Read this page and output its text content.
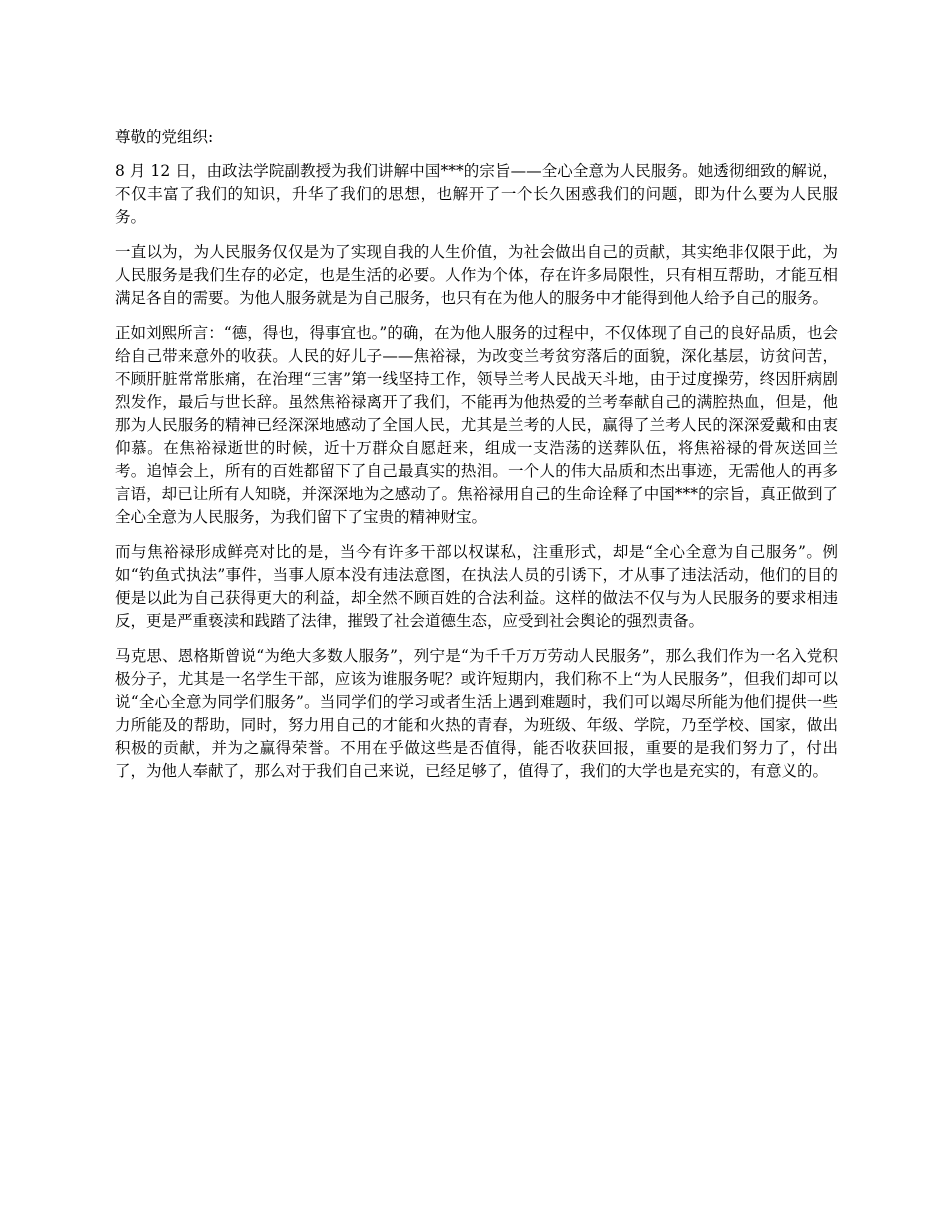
尊敬的党组织:

8 月 12 日，由政法学院副教授为我们讲解中国***的宗旨——全心全意为人民服务。她透彻细致的解说，不仅丰富了我们的知识，升华了我们的思想，也解开了一个长久困惑我们的问题，即为什么要为人民服务。

一直以为，为人民服务仅仅是为了实现自我的人生价值，为社会做出自己的贡献，其实绝非仅限于此，为人民服务是我们生存的必定，也是生活的必要。人作为个体，存在许多局限性，只有相互帮助，才能互相满足各自的需要。为他人服务就是为自己服务，也只有在为他人的服务中才能得到他人给予自己的服务。

正如刘熙所言：“德，得也，得事宜也。”的确，在为他人服务的过程中，不仅体现了自己的良好品质，也会给自己带来意外的收获。人民的好儿子——焦裕禄，为改变兰考贫穷落后的面貌，深化基层，访贫问苦，不顾肝脏常常胀痛，在治理“三害”第一线坚持工作，领导兰考人民战天斗地，由于过度操劳，终因肝病剧烈发作，最后与世长辞。虽然焦裕禄离开了我们，不能再为他热爱的兰考奉献自己的满腔热血，但是，他那为人民服务的精神已经深深地感动了全国人民，尤其是兰考的人民，赢得了兰考人民的深深爱戴和由衷仰慕。在焦裕禄逝世的时候，近十万群众自愿赶来，组成一支浩荡的送葬队伍，将焦裕禄的骨灰送回兰考。追悼会上，所有的百姓都留下了自己最真实的热泪。一个人的伟大品质和杰出事迹，无需他人的再多言语，却已让所有人知晓，并深深地为之感动了。焦裕禄用自己的生命诠释了中国***的宗旨，真正做到了全心全意为人民服务，为我们留下了宝贵的精神财宝。

而与焦裕禄形成鲜亮对比的是，当今有许多干部以权谋私，注重形式，却是“全心全意为自己服务”。例如“钓鱼式执法”事件，当事人原本没有违法意图，在执法人员的引诱下，才从事了违法活动，他们的目的便是以此为自己获得更大的利益，却全然不顾百姓的合法利益。这样的做法不仅与为人民服务的要求相违反，更是严重亵渎和践踏了法律，摧毁了社会道德生态，应受到社会舆论的强烈责备。

马克思、恩格斯曾说“为绝大多数人服务”，列宁是“为千千万万劳动人民服务”，那么我们作为一名入党积极分子，尤其是一名学生干部，应该为谁服务呢？或许短期内，我们称不上“为人民服务”，但我们却可以说“全心全意为同学们服务”。当同学们的学习或者生活上遇到难题时，我们可以竭尽所能为他们提供一些力所能及的帮助，同时，努力用自己的才能和火热的青春，为班级、年级、学院，乃至学校、国家，做出积极的贡献，并为之赢得荣誉。不用在乎做这些是否值得，能否收获回报，重要的是我们努力了，付出了，为他人奉献了，那么对于我们自己来说，已经足够了，值得了，我们的大学也是充实的，有意义的。
